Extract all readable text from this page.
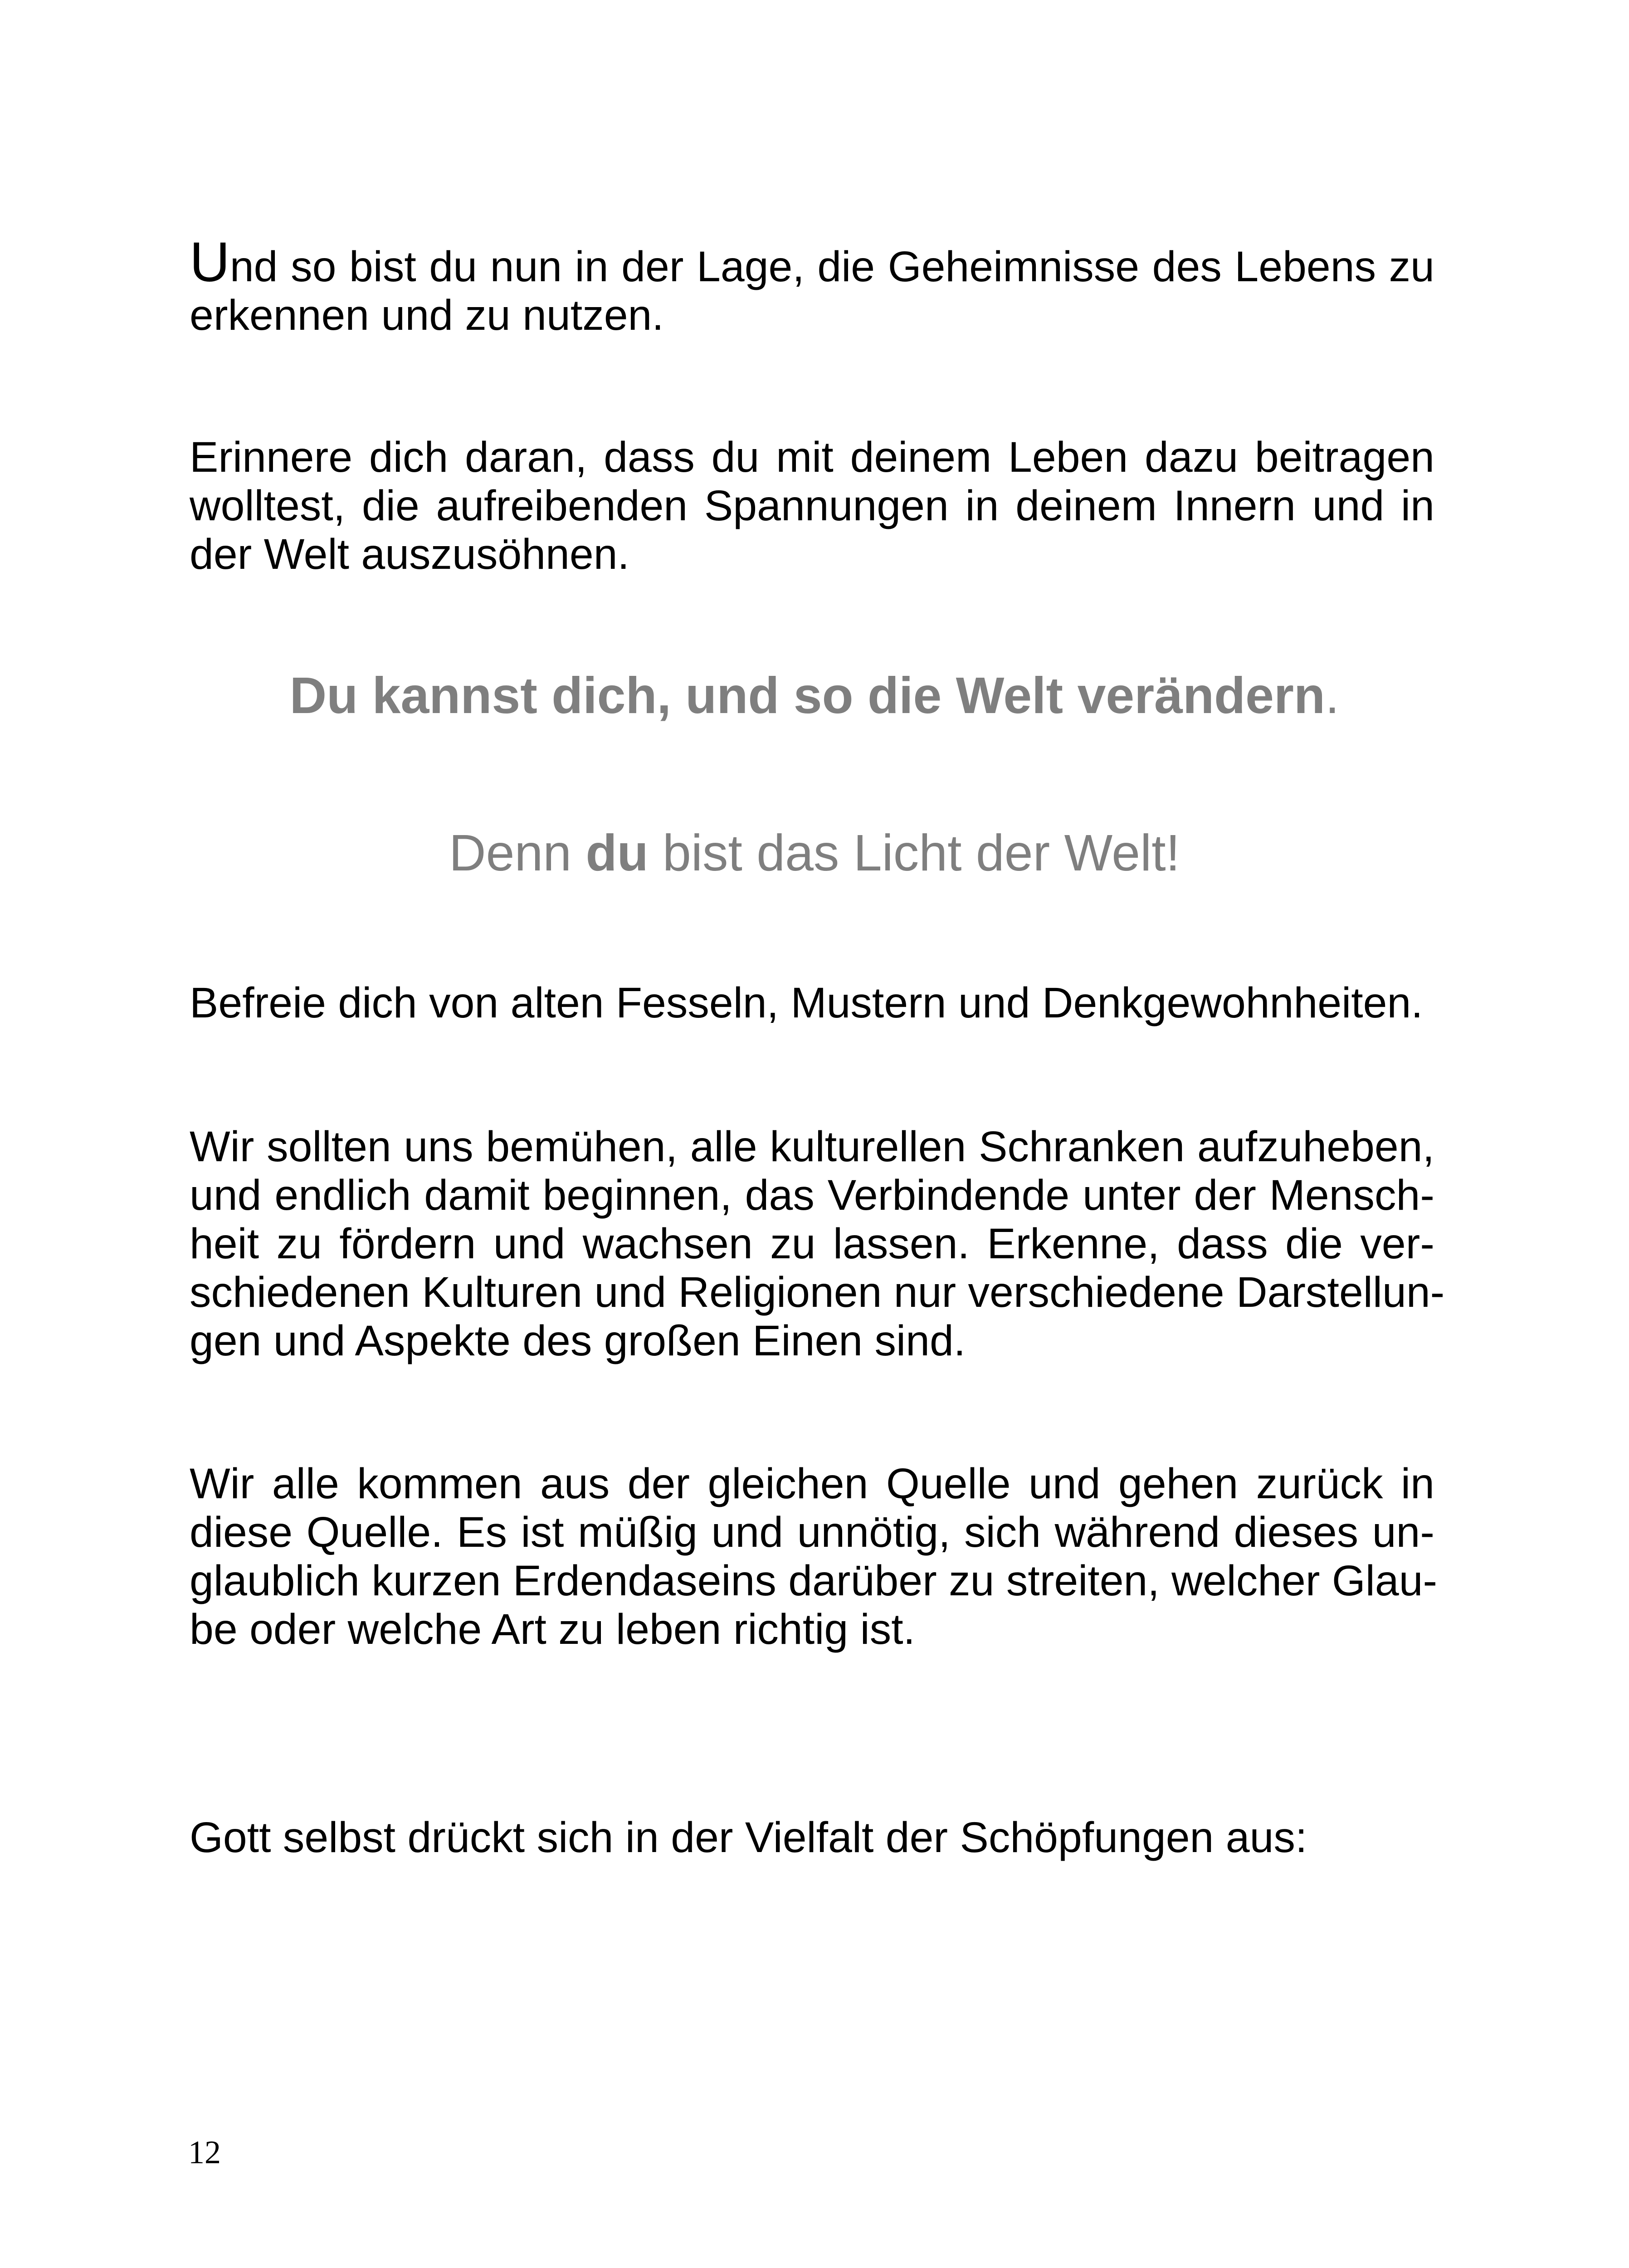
Und so bist du nun in der Lage, die Geheimnisse des Lebens zu
erkennen und zu nutzen.

Erinnere dich daran, dass du mit deinem Leben dazu beitragen
wolltest, die aufreibenden Spannungen in deinem Innern und in
der Welt auszusöhnen.

Du kannst dich, und so die Welt verändern.

Denn du bist das Licht der Welt!

Befreie dich von alten Fesseln, Mustern und Denkgewohnheiten.

Wir sollten uns bemühen, alle kulturellen Schranken aufzuheben,
und endlich damit beginnen, das Verbindende unter der Mensch-
heit zu fördern und wachsen zu lassen. Erkenne, dass die ver-
schiedenen Kulturen und Religionen nur verschiedene Darstellun-
gen und Aspekte des großen Einen sind.

Wir alle kommen aus der gleichen Quelle und gehen zurück in
diese Quelle. Es ist müßig und unnötig, sich während dieses un-
glaublich kurzen Erdendaseins darüber zu streiten, welcher Glau-
be oder welche Art zu leben richtig ist.

Gott selbst drückt sich in der Vielfalt der Schöpfungen aus:

12
